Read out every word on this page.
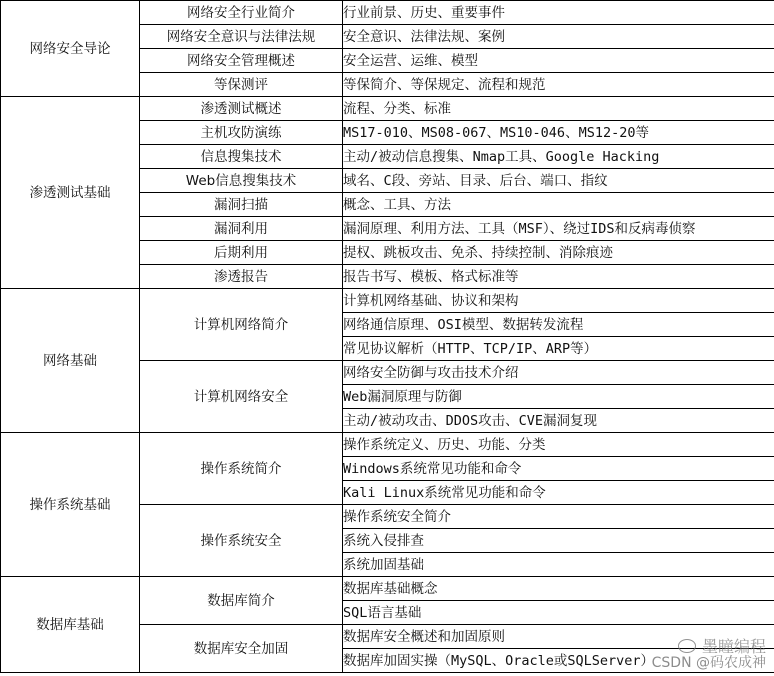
网络安全导论	网络安全行业简介	行业前景、历史、重要事件
	网络安全意识与法律法规	安全意识、法律法规、案例
	网络安全管理概述	安全运营、运维、模型
	等保测评	等保简介、等保规定、流程和规范
渗透测试基础	渗透测试概述	流程、分类、标准
	主机攻防演练	MS17-010、MS08-067、MS10-046、MS12-20等
	信息搜集技术	主动/被动信息搜集、Nmap工具、Google Hacking
	Web信息搜集技术	域名、C段、旁站、目录、后台、端口、指纹
	漏洞扫描	概念、工具、方法
	漏洞利用	漏洞原理、利用方法、工具（MSF）、绕过IDS和反病毒侦察
	后期利用	提权、跳板攻击、免杀、持续控制、消除痕迹
	渗透报告	报告书写、模板、格式标准等
网络基础	计算机网络简介	计算机网络基础、协议和架构
		网络通信原理、OSI模型、数据转发流程
		常见协议解析（HTTP、TCP/IP、ARP等）
	计算机网络安全	网络安全防御与攻击技术介绍
		Web漏洞原理与防御
		主动/被动攻击、DDOS攻击、CVE漏洞复现
操作系统基础	操作系统简介	操作系统定义、历史、功能、分类
		Windows系统常见功能和命令
		Kali Linux系统常见功能和命令
	操作系统安全	操作系统安全简介
		系统入侵排查
		系统加固基础
数据库基础	数据库简介	数据库基础概念
		SQL语言基础
	数据库安全加固	数据库安全概述和加固原则
		数据库加固实操（MySQL、Oracle或SQLServer）
墨瞳编程
CSDN @码农成神
